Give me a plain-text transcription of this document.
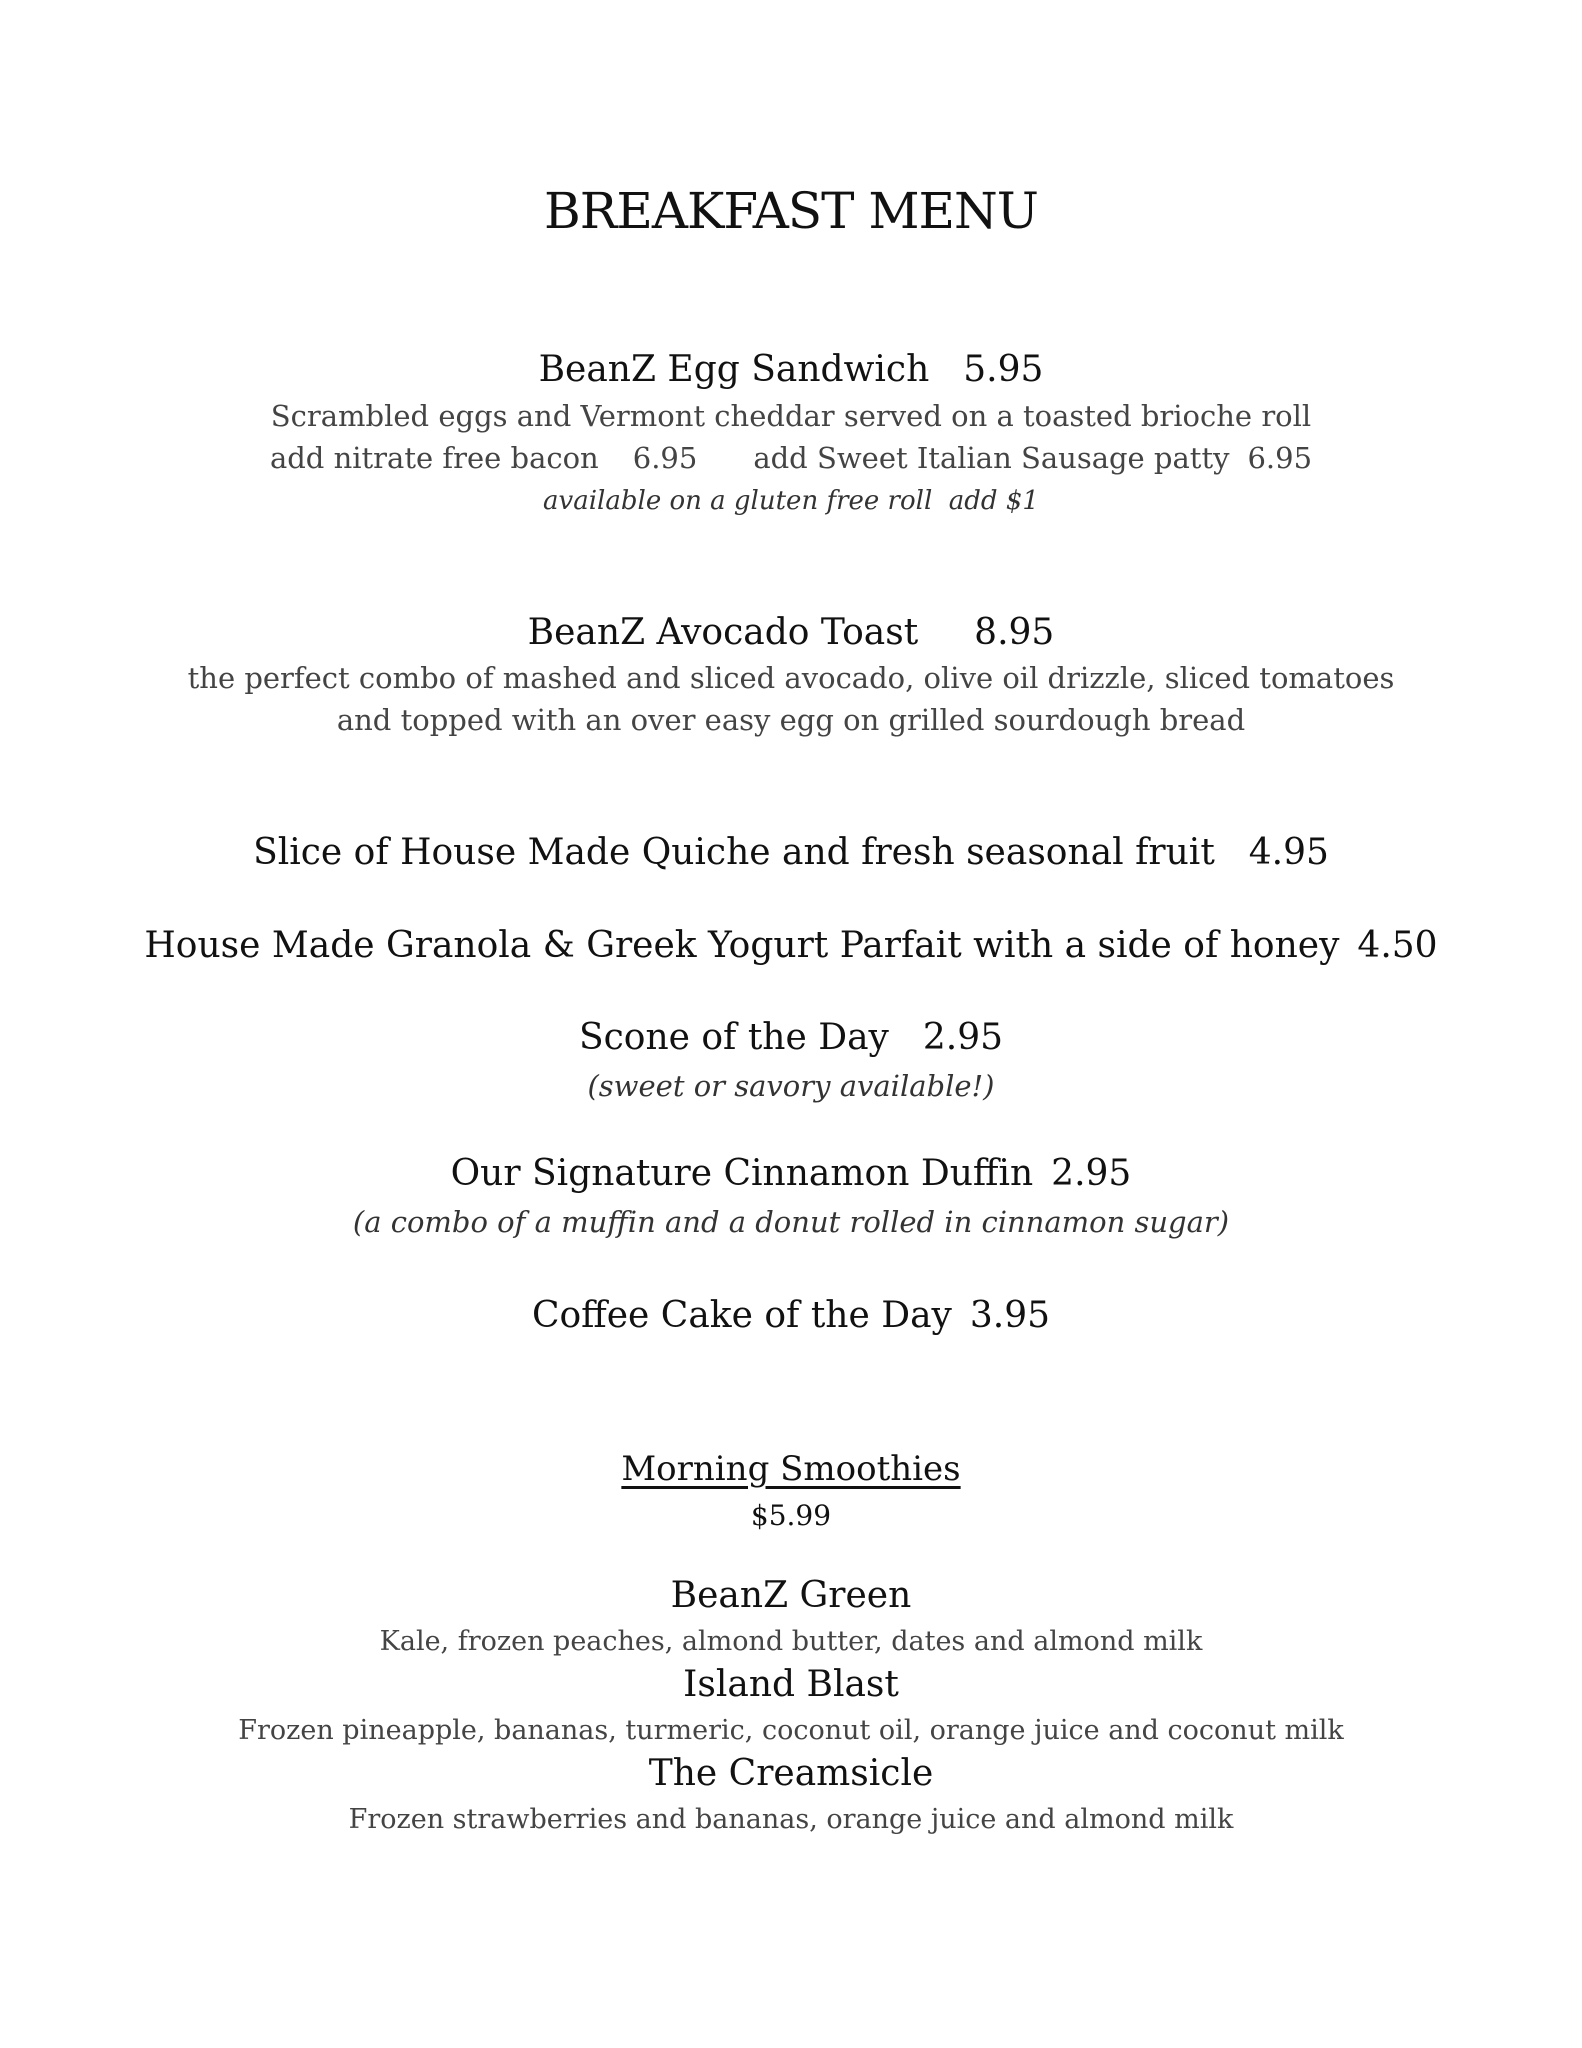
BREAKFAST MENU
BeanZ Egg Sandwich 5.95
Scrambled eggs and Vermont cheddar served on a toasted brioche roll
add nitrate free bacon 6.95 add Sweet Italian Sausage patty 6.95
available on a gluten free roll  add $1
BeanZ Avocado Toast 8.95
the perfect combo of mashed and sliced avocado, olive oil drizzle, sliced tomatoes
and topped with an over easy egg on grilled sourdough bread
Slice of House Made Quiche and fresh seasonal fruit 4.95
House Made Granola & Greek Yogurt Parfait with a side of honey 4.50
Scone of the Day 2.95
(sweet or savory available!)
Our Signature Cinnamon Duffin 2.95
(a combo of a muffin and a donut rolled in cinnamon sugar)
Coffee Cake of the Day 3.95
Morning Smoothies
$5.99
BeanZ Green
Kale, frozen peaches, almond butter, dates and almond milk
Island Blast
Frozen pineapple, bananas, turmeric, coconut oil, orange juice and coconut milk
The Creamsicle
Frozen strawberries and bananas, orange juice and almond milk
